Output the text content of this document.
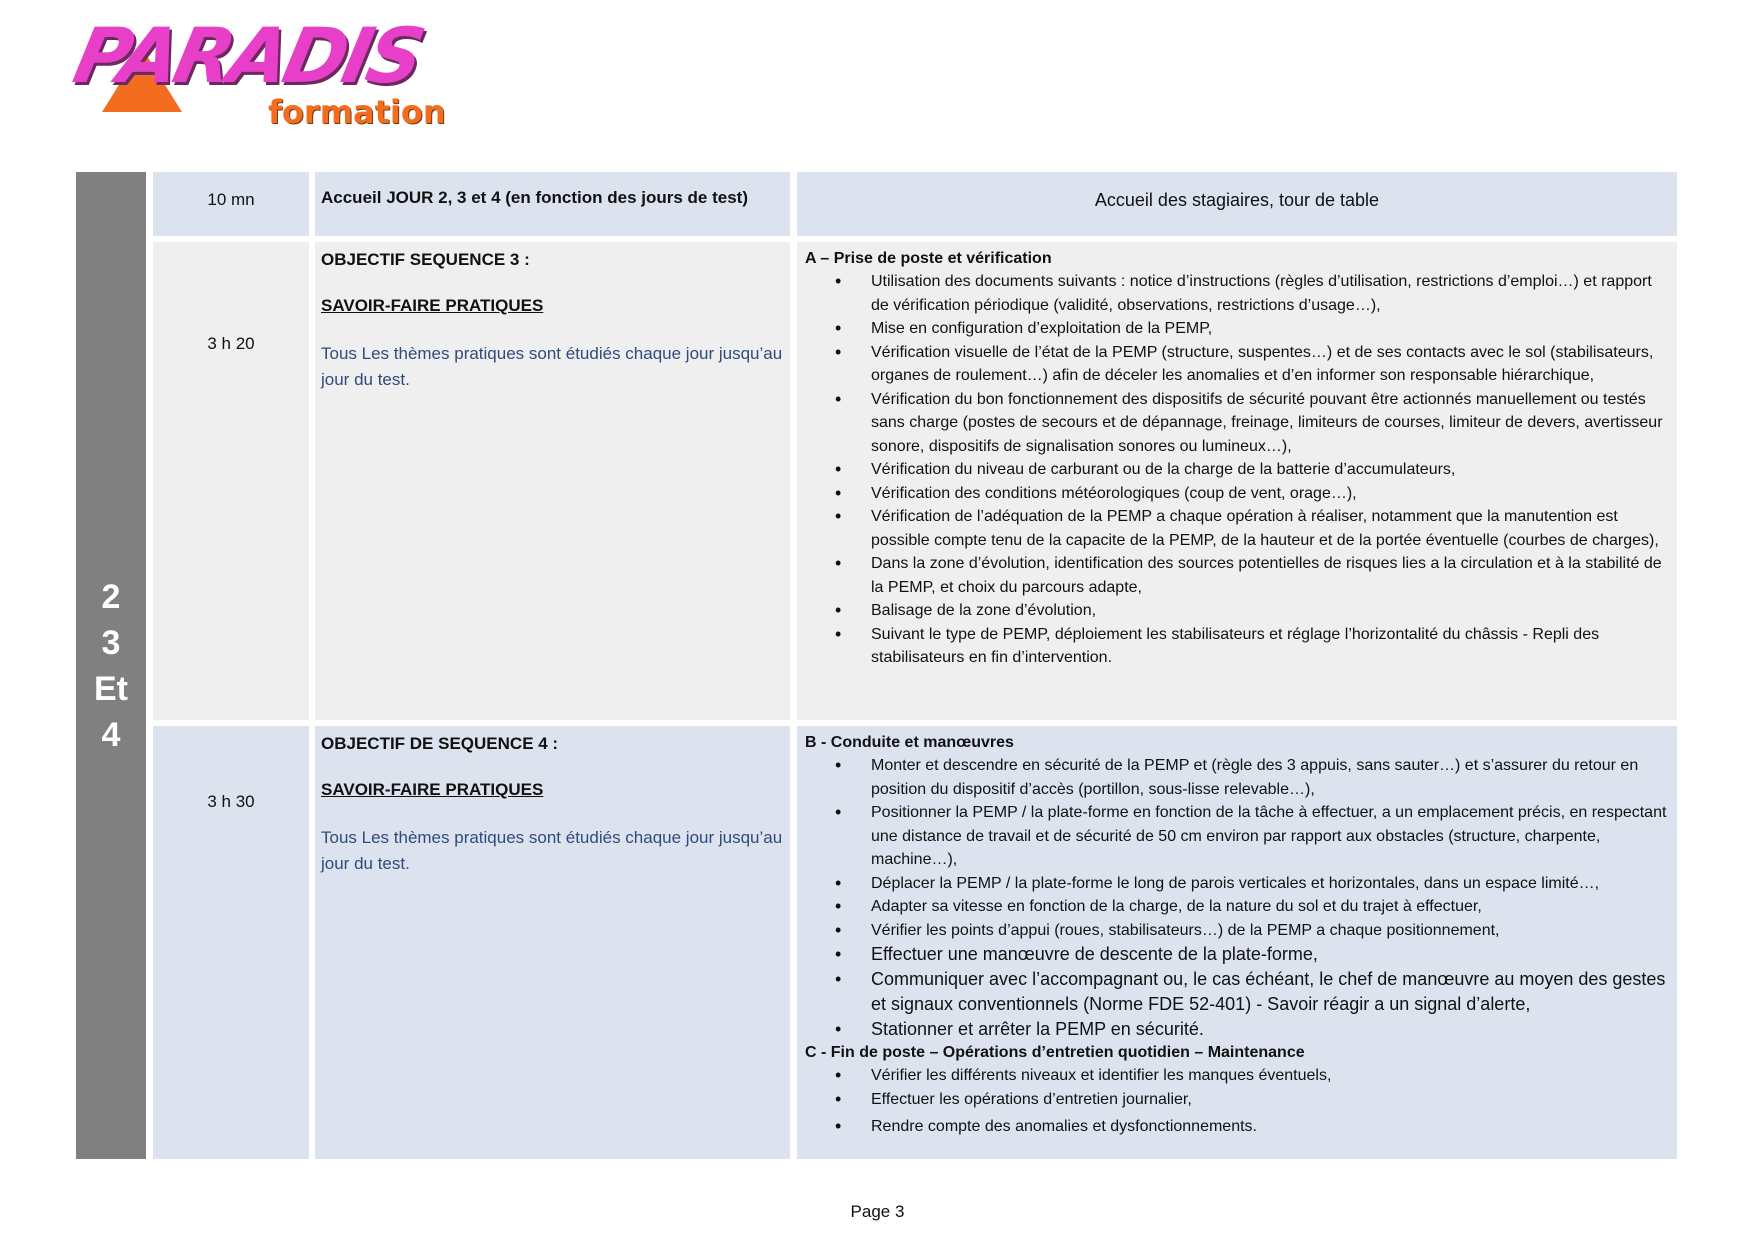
PARADIS
formation
2
3
Et
4
10 mn	Accueil JOUR 2, 3 et 4 (en fonction des jours de test)	Accueil des stagiaires, tour de table
3 h 20
OBJECTIF SEQUENCE 3 :
SAVOIR-FAIRE PRATIQUES
Tous Les thèmes pratiques sont étudiés chaque jour jusqu’au jour du test.
A – Prise de poste et vérification
• Utilisation des documents suivants : notice d’instructions (règles d’utilisation, restrictions d’emploi…) et rapport de vérification périodique (validité, observations, restrictions d’usage…),
• Mise en configuration d’exploitation de la PEMP,
• Vérification visuelle de l’état de la PEMP (structure, suspentes…) et de ses contacts avec le sol (stabilisateurs, organes de roulement…) afin de déceler les anomalies et d’en informer son responsable hiérarchique,
• Vérification du bon fonctionnement des dispositifs de sécurité pouvant être actionnés manuellement ou testés sans charge (postes de secours et de dépannage, freinage, limiteurs de courses, limiteur de devers, avertisseur sonore, dispositifs de signalisation sonores ou lumineux…),
• Vérification du niveau de carburant ou de la charge de la batterie d’accumulateurs,
• Vérification des conditions météorologiques (coup de vent, orage…),
• Vérification de l’adéquation de la PEMP a chaque opération à réaliser, notamment que la manutention est possible compte tenu de la capacite de la PEMP, de la hauteur et de la portée éventuelle (courbes de charges),
• Dans la zone d’évolution, identification des sources potentielles de risques lies a la circulation et à la stabilité de la PEMP, et choix du parcours adapte,
• Balisage de la zone d’évolution,
• Suivant le type de PEMP, déploiement les stabilisateurs et réglage l’horizontalité du châssis - Repli des stabilisateurs en fin d’intervention.
3 h 30
OBJECTIF DE SEQUENCE 4 :
SAVOIR-FAIRE PRATIQUES
Tous Les thèmes pratiques sont étudiés chaque jour jusqu’au jour du test.
B - Conduite et manœuvres
• Monter et descendre en sécurité de la PEMP et (règle des 3 appuis, sans sauter…) et s’assurer du retour en position du dispositif d’accès (portillon, sous-lisse relevable…),
• Positionner la PEMP / la plate-forme en fonction de la tâche à effectuer, a un emplacement précis, en respectant une distance de travail et de sécurité de 50 cm environ par rapport aux obstacles (structure, charpente, machine…),
• Déplacer la PEMP / la plate-forme le long de parois verticales et horizontales, dans un espace limité…,
• Adapter sa vitesse en fonction de la charge, de la nature du sol et du trajet à effectuer,
• Vérifier les points d’appui (roues, stabilisateurs…) de la PEMP a chaque positionnement,
• Effectuer une manœuvre de descente de la plate-forme,
• Communiquer avec l’accompagnant ou, le cas échéant, le chef de manœuvre au moyen des gestes et signaux conventionnels (Norme FDE 52-401) - Savoir réagir a un signal d’alerte,
• Stationner et arrêter la PEMP en sécurité.
C - Fin de poste – Opérations d’entretien quotidien – Maintenance
• Vérifier les différents niveaux et identifier les manques éventuels,
• Effectuer les opérations d’entretien journalier,
• Rendre compte des anomalies et dysfonctionnements.
Page 3
